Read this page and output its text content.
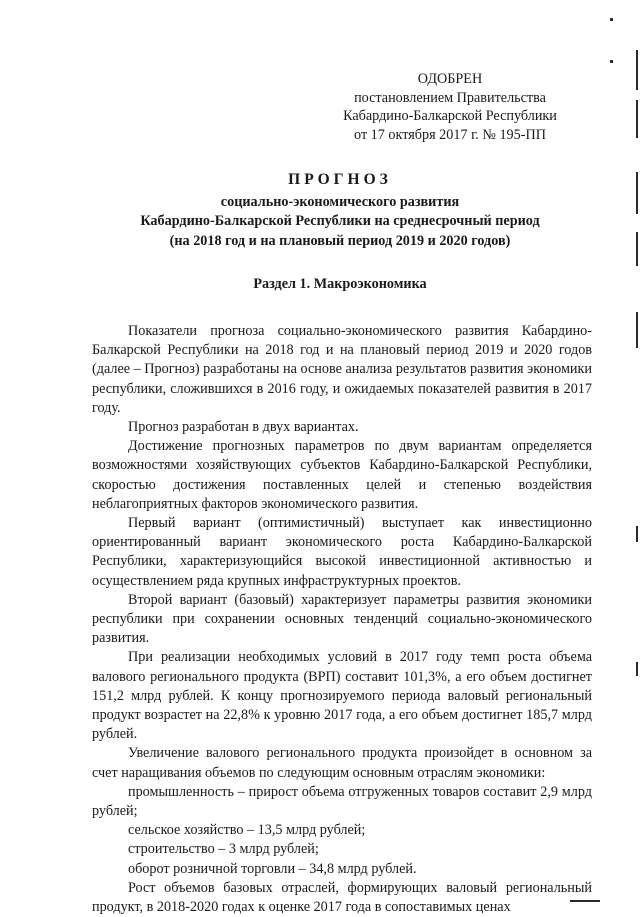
ОДОБРЕН
постановлением Правительства
Кабардино-Балкарской Республики
от 17 октября 2017 г. № 195-ПП
ПРОГНОЗ
социально-экономического развития
Кабардино-Балкарской Республики на среднесрочный период
(на 2018 год и на плановый период 2019 и 2020 годов)
Раздел 1. Макроэкономика

Показатели прогноза социально-экономического развития Кабардино-Балкарской Республики на 2018 год и на плановый период 2019 и 2020 годов (далее – Прогноз) разработаны на основе анализа результатов развития экономики республики, сложившихся в 2016 году, и ожидаемых показателей развития в 2017 году.

Прогноз разработан в двух вариантах.

Достижение прогнозных параметров по двум вариантам определяется возможностями хозяйствующих субъектов Кабардино-Балкарской Республики, скоростью достижения поставленных целей и степенью воздействия неблагоприятных факторов экономического развития.

Первый вариант (оптимистичный) выступает как инвестиционно ориентированный вариант экономического роста Кабардино-Балкарской Республики, характеризующийся высокой инвестиционной активностью и осуществлением ряда крупных инфраструктурных проектов.

Второй вариант (базовый) характеризует параметры развития экономики республики при сохранении основных тенденций социально-экономического развития.

При реализации необходимых условий в 2017 году темп роста объема валового регионального продукта (ВРП) составит 101,3%, а его объем достигнет 151,2 млрд рублей. К концу прогнозируемого периода валовый региональный продукт возрастет на 22,8% к уровню 2017 года, а его объем достигнет 185,7 млрд рублей.

Увеличение валового регионального продукта произойдет в основном за счет наращивания объемов по следующим основным отраслям экономики:

промышленность – прирост объема отгруженных товаров составит 2,9 млрд рублей;

сельское хозяйство – 13,5 млрд рублей;

строительство – 3 млрд рублей;

оборот розничной торговли – 34,8 млрд рублей.

Рост объемов базовых отраслей, формирующих валовый региональный продукт, в 2018-2020 годах к оценке 2017 года в сопоставимых ценах
